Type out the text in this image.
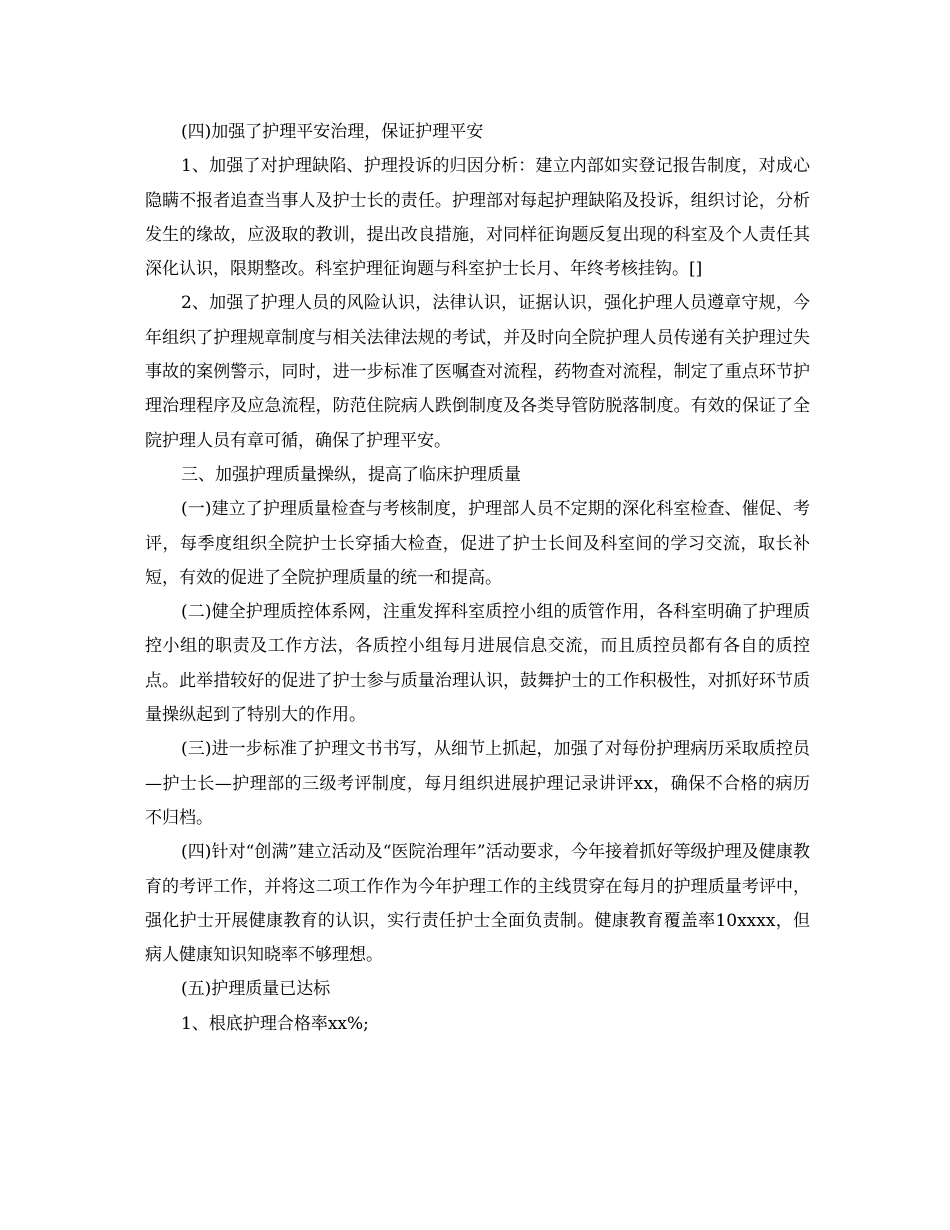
(四)加强了护理平安治理，保证护理平安

1、加强了对护理缺陷、护理投诉的归因分析：建立内部如实登记报告制度，对成心隐瞒不报者追查当事人及护士长的责任。护理部对每起护理缺陷及投诉，组织讨论，分析发生的缘故，应汲取的教训，提出改良措施，对同样征询题反复出现的科室及个人责任其深化认识，限期整改。科室护理征询题与科室护士长月、年终考核挂钩。[]

2、加强了护理人员的风险认识，法律认识，证据认识，强化护理人员遵章守规，今年组织了护理规章制度与相关法律法规的考试，并及时向全院护理人员传递有关护理过失事故的案例警示，同时，进一步标准了医嘱查对流程，药物查对流程，制定了重点环节护理治理程序及应急流程，防范住院病人跌倒制度及各类导管防脱落制度。有效的保证了全院护理人员有章可循，确保了护理平安。

三、加强护理质量操纵，提高了临床护理质量

(一)建立了护理质量检查与考核制度，护理部人员不定期的深化科室检查、催促、考评，每季度组织全院护士长穿插大检查，促进了护士长间及科室间的学习交流，取长补短，有效的促进了全院护理质量的统一和提高。

(二)健全护理质控体系网，注重发挥科室质控小组的质管作用，各科室明确了护理质控小组的职责及工作方法，各质控小组每月进展信息交流，而且质控员都有各自的质控点。此举措较好的促进了护士参与质量治理认识，鼓舞护士的工作积极性，对抓好环节质量操纵起到了特别大的作用。

(三)进一步标准了护理文书书写，从细节上抓起，加强了对每份护理病历采取质控员—护士长—护理部的三级考评制度，每月组织进展护理记录讲评xx，确保不合格的病历不归档。

(四)针对“创满”建立活动及“医院治理年”活动要求，今年接着抓好等级护理及健康教育的考评工作，并将这二项工作作为今年护理工作的主线贯穿在每月的护理质量考评中，强化护士开展健康教育的认识，实行责任护士全面负责制。健康教育覆盖率10xxxx，但病人健康知识知晓率不够理想。

(五)护理质量已达标

1、根底护理合格率xx%;
